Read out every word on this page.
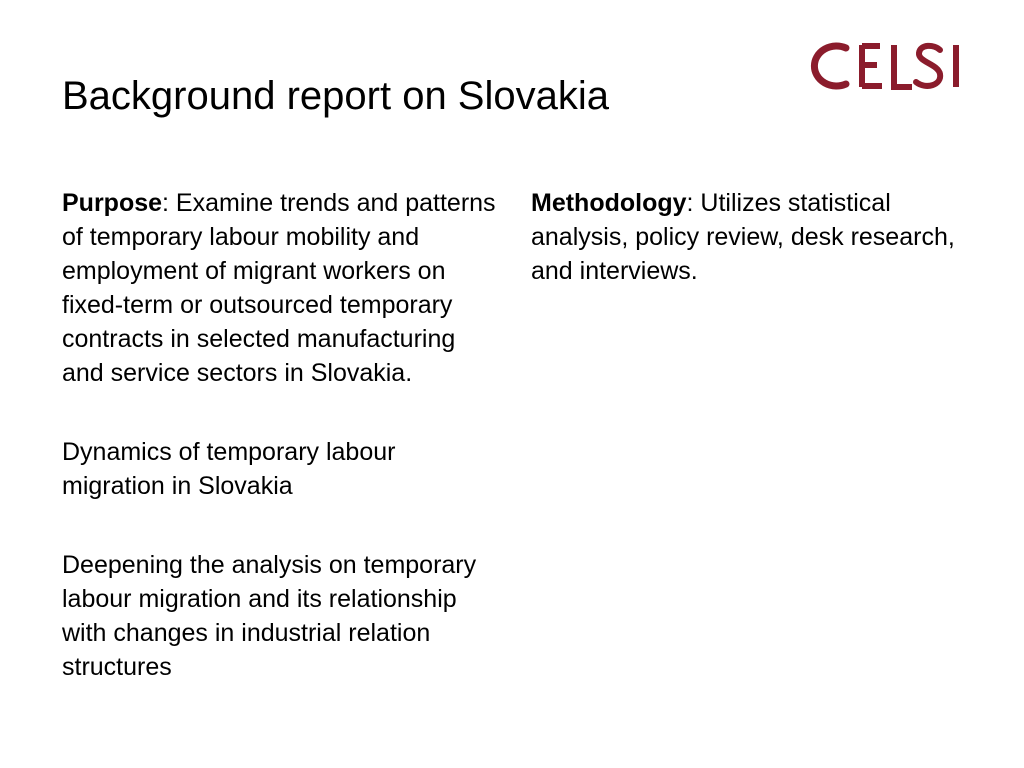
Background report on Slovakia

Purpose: Examine trends and patterns of temporary labour mobility and employment of migrant workers on fixed-term or outsourced temporary contracts in selected manufacturing and service sectors in Slovakia.

Dynamics of temporary labour migration in Slovakia

Deepening the analysis on temporary labour migration and its relationship with changes in industrial relation structures

Methodology: Utilizes statistical analysis, policy review, desk research, and interviews.
